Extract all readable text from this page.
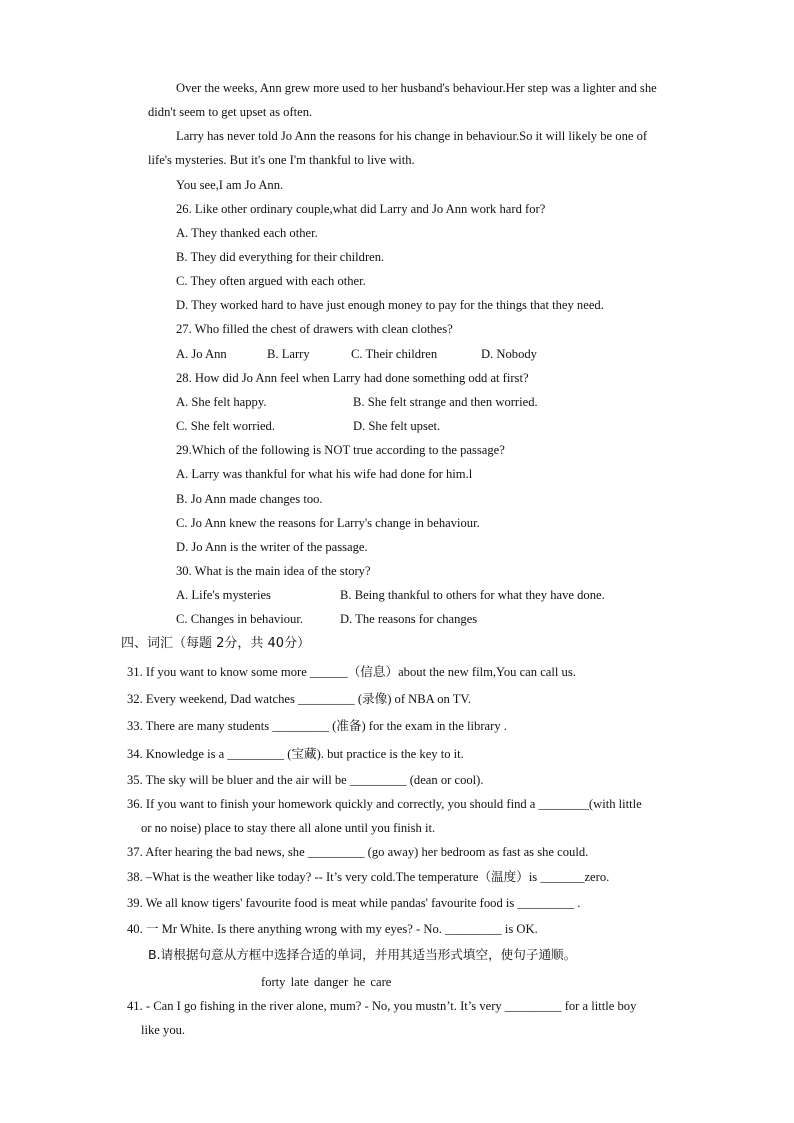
Over the weeks, Ann grew more used to her husband's behaviour.Her step was a lighter and she
didn't seem to get upset as often.
Larry has never told Jo Ann the reasons for his change in behaviour.So it will likely be one of
life's mysteries. But it's one I'm thankful to live with.
You see,I am Jo Ann.
26. Like other ordinary couple,what did Larry and Jo Ann work hard for?
A. They thanked each other.
B. They did everything for their children.
C. They often argued with each other.
D. They worked hard to have just enough money to pay for the things that they need.
27. Who filled the chest of drawers with clean clothes?
A. Jo Ann	B. Larry	C. Their children	D. Nobody
28. How did Jo Ann feel when Larry had done something odd at first?
A. She felt happy.	B. She felt strange and then worried.
C. She felt worried.	D. She felt upset.
29.Which of the following is NOT true according to the passage?
A. Larry was thankful for what his wife had done for him.l
B. Jo Ann made changes too.
C. Jo Ann knew the reasons for Larry's change in behaviour.
D. Jo Ann is the writer of the passage.
30. What is the main idea of the story?
A. Life's mysteries	B. Being thankful to others for what they have done.
C. Changes in behaviour.	D. The reasons for changes
四、词汇（每题 2分，共 40分）
31. If you want to know some more ______（信息）about the new film,You can call us.
32. Every weekend, Dad watches _________ (录像) of NBA on TV.
33. There are many students _________ (准备) for the exam in the library .
34. Knowledge is a _________ (宝藏). but practice is the key to it.
35. The sky will be bluer and the air will be _________ (dean or cool).
36. If you want to finish your homework quickly and correctly, you should find a ________(with little
or no noise) place to stay there all alone until you finish it.
37. After hearing the bad news, she _________ (go away) her bedroom as fast as she could.
38. –What is the weather like today? -- It’s very cold.The temperature（温度）is _______zero.
39. We all know tigers' favourite food is meat while pandas' favourite food is _________ .
40. 一 Mr White. Is there anything wrong with my eyes? - No. _________ is OK.
B.请根据句意从方框中选择合适的单词，并用其适当形式填空，使句子通顺。
forty late danger he care
41. - Can I go fishing in the river alone, mum? - No, you mustn’t. It’s very _________ for a little boy
like you.
